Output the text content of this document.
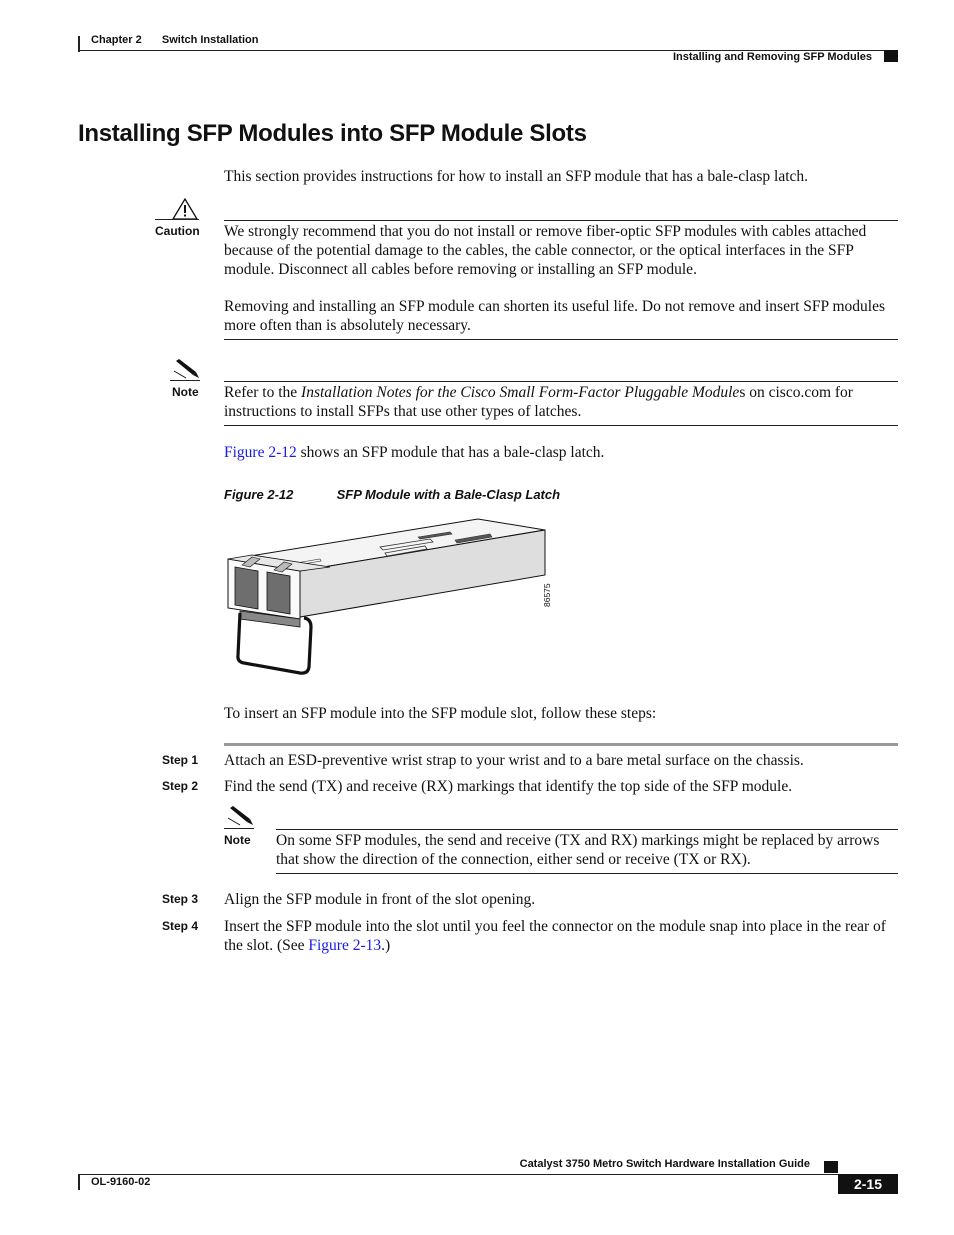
Chapter 2 Switch Installation
Installing and Removing SFP Modules
Installing SFP Modules into SFP Module Slots
This section provides instructions for how to install an SFP module that has a bale-clasp latch.
Caution We strongly recommend that you do not install or remove fiber-optic SFP modules with cables attached because of the potential damage to the cables, the cable connector, or the optical interfaces in the SFP module. Disconnect all cables before removing or installing an SFP module.
Removing and installing an SFP module can shorten its useful life. Do not remove and insert SFP modules more often than is absolutely necessary.
Note Refer to the Installation Notes for the Cisco Small Form-Factor Pluggable Modules on cisco.com for instructions to install SFPs that use other types of latches.
Figure 2-12 shows an SFP module that has a bale-clasp latch.
Figure 2-12	SFP Module with a Bale-Clasp Latch
86575
To insert an SFP module into the SFP module slot, follow these steps:
Step 1 Attach an ESD-preventive wrist strap to your wrist and to a bare metal surface on the chassis.
Step 2 Find the send (TX) and receive (RX) markings that identify the top side of the SFP module.
Note On some SFP modules, the send and receive (TX and RX) markings might be replaced by arrows that show the direction of the connection, either send or receive (TX or RX).
Step 3 Align the SFP module in front of the slot opening.
Step 4 Insert the SFP module into the slot until you feel the connector on the module snap into place in the rear of the slot. (See Figure 2-13.)
Catalyst 3750 Metro Switch Hardware Installation Guide
OL-9160-02	2-15
